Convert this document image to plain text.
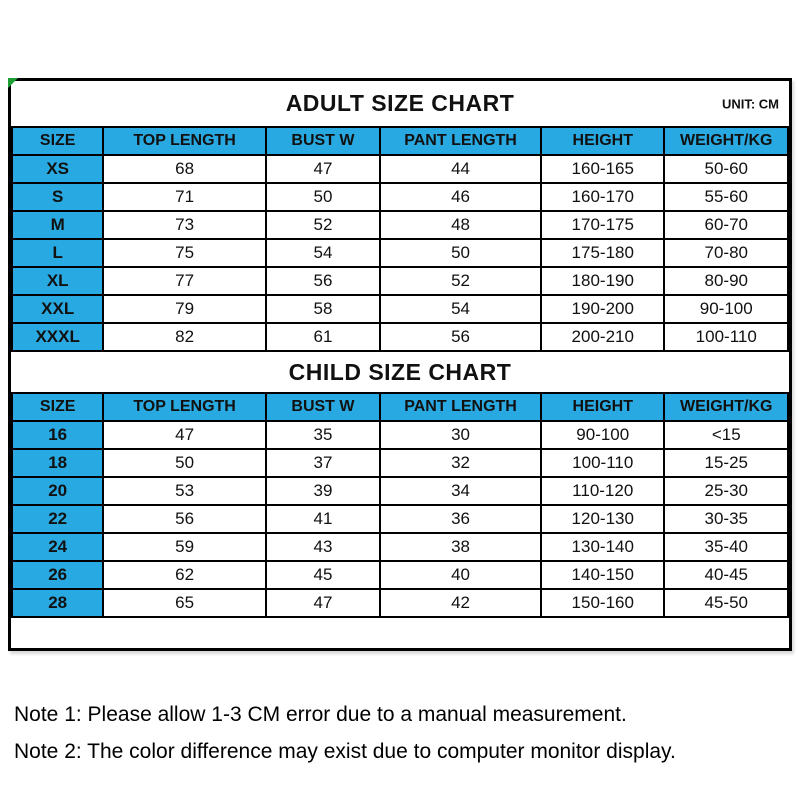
ADULT SIZE CHART	UNIT: CM
SIZE	TOP LENGTH	BUST W	PANT LENGTH	HEIGHT	WEIGHT/KG
XS	68	47	44	160-165	50-60
S	71	50	46	160-170	55-60
M	73	52	48	170-175	60-70
L	75	54	50	175-180	70-80
XL	77	56	52	180-190	80-90
XXL	79	58	54	190-200	90-100
XXXL	82	61	56	200-210	100-110
CHILD SIZE CHART
SIZE	TOP LENGTH	BUST W	PANT LENGTH	HEIGHT	WEIGHT/KG
16	47	35	30	90-100	<15
18	50	37	32	100-110	15-25
20	53	39	34	110-120	25-30
22	56	41	36	120-130	30-35
24	59	43	38	130-140	35-40
26	62	45	40	140-150	40-45
28	65	47	42	150-160	45-50
Note 1: Please allow 1-3 CM error due to a manual measurement.
Note 2: The color difference may exist due to computer monitor display.
